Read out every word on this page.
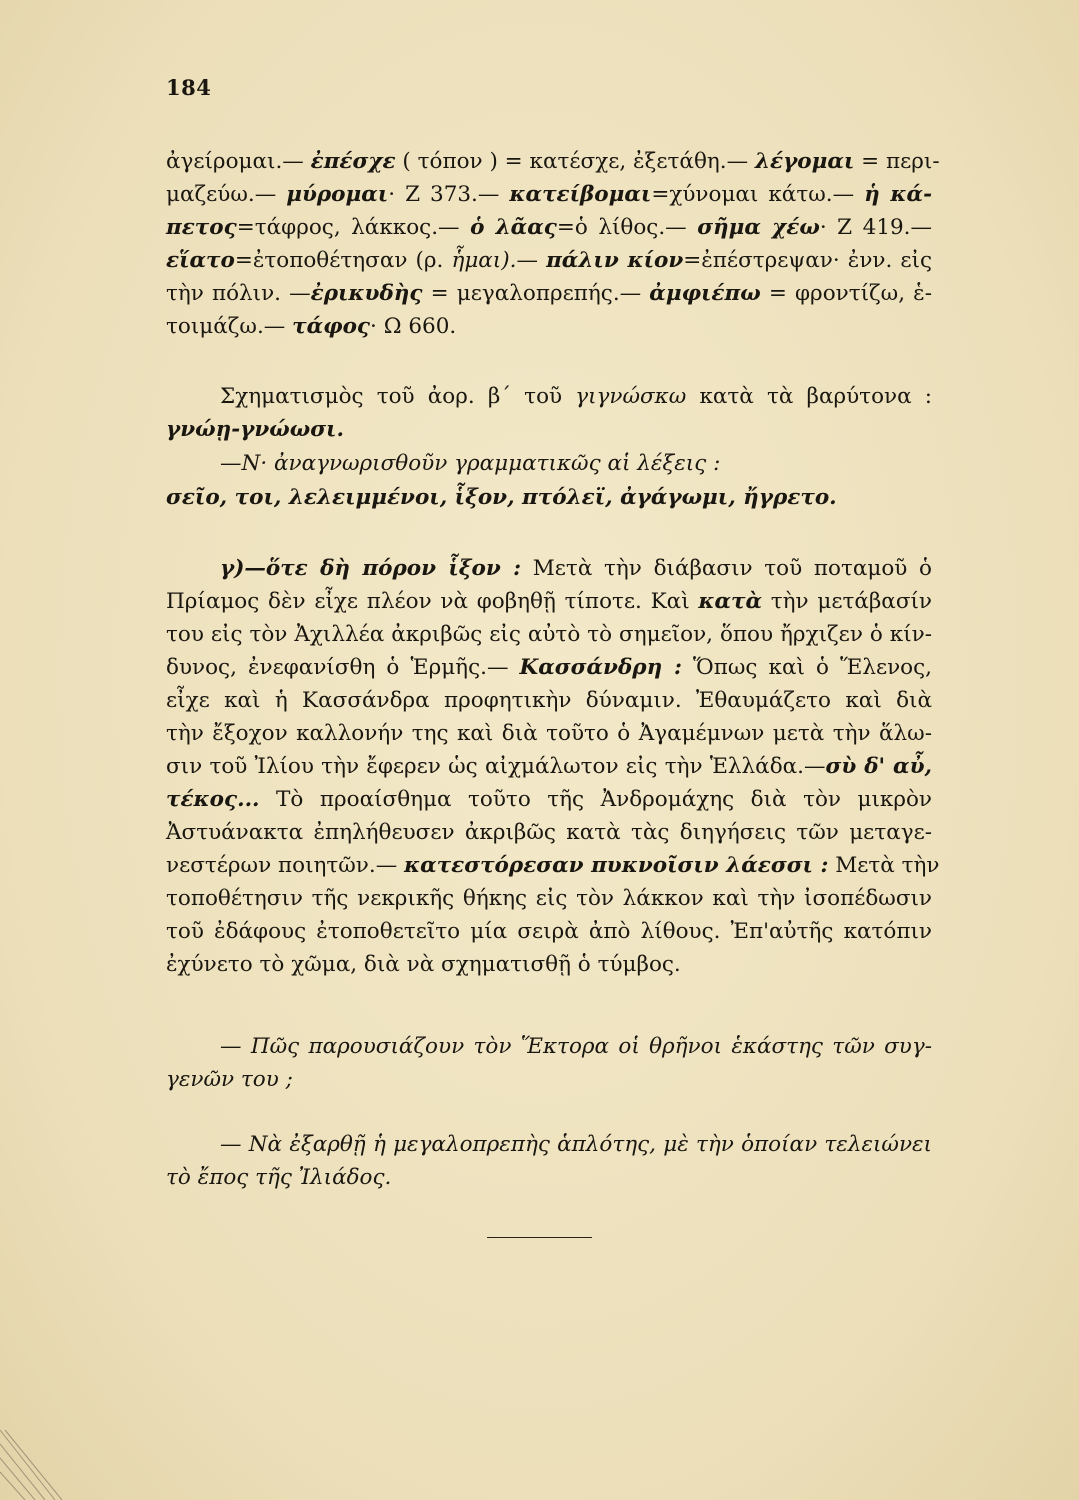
184
ἀγείρομαι.— ἐπέσχε ( τόπον ) = κατέσχε, ἐξετάθη.— λέγομαι = περι-
μαζεύω.— μύρομαι· Ζ 373.— κατείβομαι=χύνομαι κάτω.— ἡ κά-
πετος=τάφρος, λάκκος.— ὁ λᾶας=ὁ λίθος.— σῆμα χέω· Ζ 419.—
εἵατο=ἐτοποθέτησαν (ρ. ἧμαι).— πάλιν κίον=ἐπέστρεψαν· ἐνν. εἰς
τὴν πόλιν. —ἐρικυδὴς = μεγαλοπρεπής.— ἀμφιέπω = φροντίζω, ἑ-
τοιμάζω.— τάφος· Ω 660.
Σχηματισμὸς τοῦ ἀορ. β΄ τοῦ γιγνώσκω κατὰ τὰ βαρύτονα :
γνώῃ-γνώωσι.
—Ν· ἀναγνωρισθοῦν γραμματικῶς αἱ λέξεις :
σεῖο, τοι, λελειμμένοι, ἷξον, πτόλεϊ, ἀγάγωμι, ἤγρετο.
γ)—ὅτε δὴ πόρον ἷξον : Μετὰ τὴν διάβασιν τοῦ ποταμοῦ ὁ
Πρίαμος δὲν εἶχε πλέον νὰ φοβηθῇ τίποτε. Καὶ κατὰ τὴν μετάβασίν
του εἰς τὸν Ἀχιλλέα ἀκριβῶς εἰς αὐτὸ τὸ σημεῖον, ὅπου ἤρχιζεν ὁ κίν-
δυνος, ἐνεφανίσθη ὁ Ἑρμῆς.— Κασσάνδρη : Ὅπως καὶ ὁ Ἕλενος,
εἶχε καὶ ἡ Κασσάνδρα προφητικὴν δύναμιν. Ἐθαυμάζετο καὶ διὰ
τὴν ἔξοχον καλλονήν της καὶ διὰ τοῦτο ὁ Ἀγαμέμνων μετὰ τὴν ἅλω-
σιν τοῦ Ἰλίου τὴν ἔφερεν ὡς αἰχμάλωτον εἰς τὴν Ἑλλάδα.—σὺ δ' αὖ,
τέκος... Τὸ προαίσθημα τοῦτο τῆς Ἀνδρομάχης διὰ τὸν μικρὸν
Ἀστυάνακτα ἐπηλήθευσεν ἀκριβῶς κατὰ τὰς διηγήσεις τῶν μεταγε-
νεστέρων ποιητῶν.— κατεστόρεσαν πυκνοῖσιν λάεσσι : Μετὰ τὴν
τοποθέτησιν τῆς νεκρικῆς θήκης εἰς τὸν λάκκον καὶ τὴν ἰσοπέδωσιν
τοῦ ἐδάφους ἐτοποθετεῖτο μία σειρὰ ἀπὸ λίθους. Ἐπ'αὐτῆς κατόπιν
ἐχύνετο τὸ χῶμα, διὰ νὰ σχηματισθῇ ὁ τύμβος.
— Πῶς παρουσιάζουν τὸν Ἕκτορα οἱ θρῆνοι ἑκάστης τῶν συγ-
γενῶν του ;
— Νὰ ἐξαρθῇ ἡ μεγαλοπρεπὴς ἁπλότης, μὲ τὴν ὁποίαν τελειώνει
τὸ ἔπος τῆς Ἰλιάδος.
